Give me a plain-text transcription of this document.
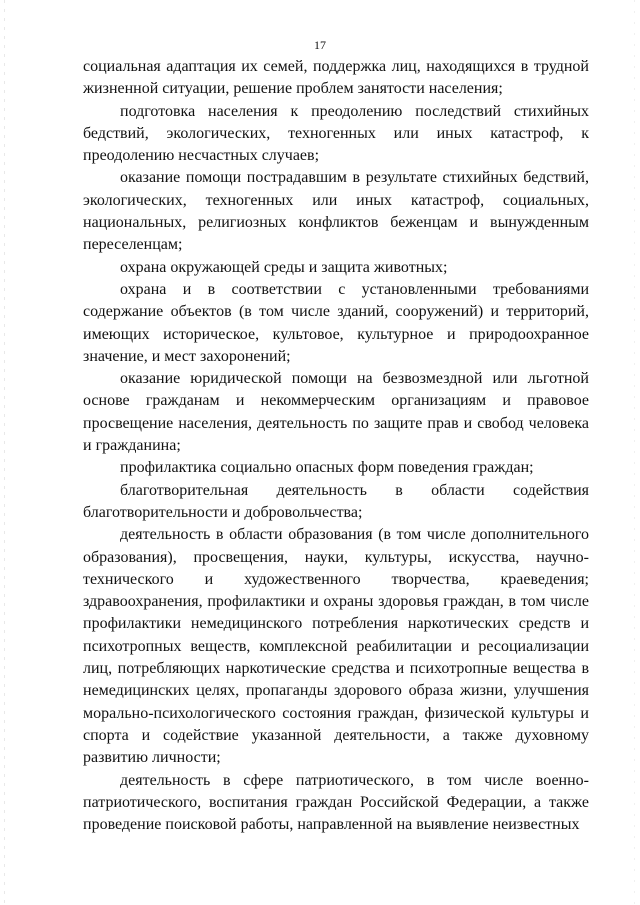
17

социальная адаптация их семей, поддержка лиц, находящихся в трудной жизненной ситуации, решение проблем занятости населения;

подготовка населения к преодолению последствий стихийных бедствий, экологических, техногенных или иных катастроф, к преодолению несчастных случаев;

оказание помощи пострадавшим в результате стихийных бедствий, экологических, техногенных или иных катастроф, социальных, национальных, религиозных конфликтов беженцам и вынужденным переселенцам;

охрана окружающей среды и защита животных;

охрана и в соответствии с установленными требованиями содержание объектов (в том числе зданий, сооружений) и территорий, имеющих историческое, культовое, культурное и природоохранное значение, и мест захоронений;

оказание юридической помощи на безвозмездной или льготной основе гражданам и некоммерческим организациям и правовое просвещение населения, деятельность по защите прав и свобод человека и гражданина;

профилактика социально опасных форм поведения граждан;

благотворительная деятельность в области содействия благотворительности и добровольчества;

деятельность в области образования (в том числе дополнительного образования), просвещения, науки, культуры, искусства, научно-технического и художественного творчества, краеведения; здравоохранения, профилактики и охраны здоровья граждан, в том числе профилактики немедицинского потребления наркотических средств и психотропных веществ, комплексной реабилитации и ресоциализации лиц, потребляющих наркотические средства и психотропные вещества в немедицинских целях, пропаганды здорового образа жизни, улучшения морально-психологического состояния граждан, физической культуры и спорта и содействие указанной деятельности, а также духовному развитию личности;

деятельность в сфере патриотического, в том числе военно-патриотического, воспитания граждан Российской Федерации, а также проведение поисковой работы, направленной на выявление неизвестных
